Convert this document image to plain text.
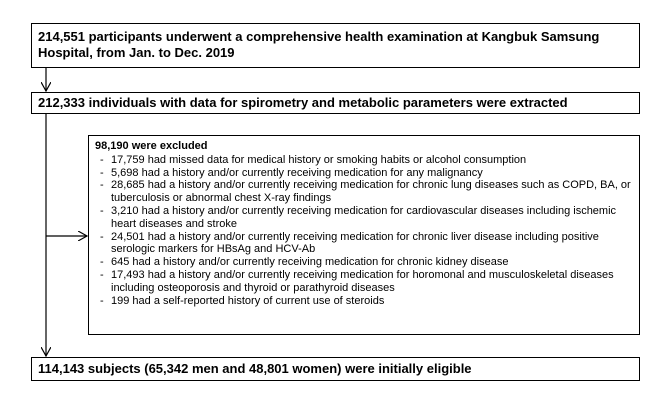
214,551 participants underwent a comprehensive health examination at Kangbuk Samsung Hospital, from Jan. to Dec. 2019
212,333 individuals with data for spirometry and metabolic parameters were extracted
98,190 were excluded
- 17,759 had missed data for medical history or smoking habits or alcohol consumption
- 5,698 had a history and/or currently receiving medication for any malignancy
- 28,685 had a history and/or currently receiving medication for chronic lung diseases such as COPD, BA, or tuberculosis or abnormal chest X-ray findings
- 3,210 had a history and/or currently receiving medication for cardiovascular diseases including ischemic heart diseases and stroke
- 24,501 had a history and/or currently receiving medication for chronic liver disease including positive serologic markers for HBsAg and HCV-Ab
- 645 had a history and/or currently receiving medication for chronic kidney disease
- 17,493 had a history and/or currently receiving medication for horomonal and musculoskeletal diseases including osteoporosis and thyroid or parathyroid diseases
- 199 had a self-reported history of current use of steroids
114,143 subjects (65,342 men and 48,801 women) were initially eligible
